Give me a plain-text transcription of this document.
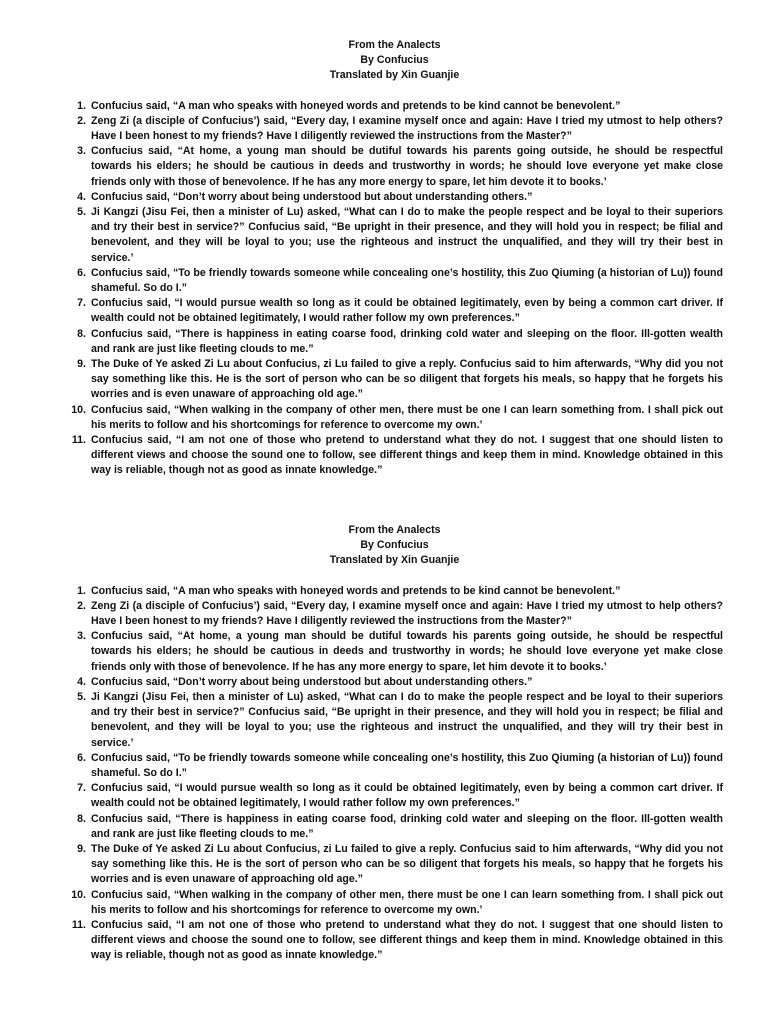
From the Analects
By Confucius
Translated by Xin Guanjie
1. Confucius said, “A man who speaks with honeyed words and pretends to be kind cannot be benevolent.”
2. Zeng Zi (a disciple of Confucius’) said, “Every day, I examine myself once and again: Have I tried my utmost to help others? Have I been honest to my friends? Have I diligently reviewed the instructions from the Master?”
3. Confucius said, “At home, a young man should be dutiful towards his parents going outside, he should be respectful towards his elders; he should be cautious in deeds and trustworthy in words; he should love everyone yet make close friends only with those of benevolence. If he has any more energy to spare, let him devote it to books.’
4. Confucius said, “Don’t worry about being understood but about understanding others.”
5. Ji Kangzi (Jisu Fei, then a minister of Lu) asked, “What can I do to make the people respect and be loyal to their superiors and try their best in service?” Confucius said, “Be upright in their presence, and they will hold you in respect; be filial and benevolent, and they will be loyal to you; use the righteous and instruct the unqualified, and they will try their best in service.’
6. Confucius said, “To be friendly towards someone while concealing one’s hostility, this Zuo Qiuming (a historian of Lu)) found shameful. So do I.”
7. Confucius said, “I would pursue wealth so long as it could be obtained legitimately, even by being a common cart driver. If wealth could not be obtained legitimately, I would rather follow my own preferences.”
8. Confucius said, “There is happiness in eating coarse food, drinking cold water and sleeping on the floor. Ill-gotten wealth and rank are just like fleeting clouds to me.”
9. The Duke of Ye asked Zi Lu about Confucius, zi Lu failed to give a reply. Confucius said to him afterwards, “Why did you not say something like this. He is the sort of person who can be so diligent that forgets his meals, so happy that he forgets his worries and is even unaware of approaching old age.”
10. Confucius said, “When walking in the company of other men, there must be one I can learn something from. I shall pick out his merits to follow and his shortcomings for reference to overcome my own.’
11. Confucius said, “I am not one of those who pretend to understand what they do not. I suggest that one should listen to different views and choose the sound one to follow, see different things and keep them in mind. Knowledge obtained in this way is reliable, though not as good as innate knowledge.”
From the Analects
By Confucius
Translated by Xin Guanjie
1. Confucius said, “A man who speaks with honeyed words and pretends to be kind cannot be benevolent.”
2. Zeng Zi (a disciple of Confucius’) said, “Every day, I examine myself once and again: Have I tried my utmost to help others? Have I been honest to my friends? Have I diligently reviewed the instructions from the Master?”
3. Confucius said, “At home, a young man should be dutiful towards his parents going outside, he should be respectful towards his elders; he should be cautious in deeds and trustworthy in words; he should love everyone yet make close friends only with those of benevolence. If he has any more energy to spare, let him devote it to books.’
4. Confucius said, “Don’t worry about being understood but about understanding others.”
5. Ji Kangzi (Jisu Fei, then a minister of Lu) asked, “What can I do to make the people respect and be loyal to their superiors and try their best in service?” Confucius said, “Be upright in their presence, and they will hold you in respect; be filial and benevolent, and they will be loyal to you; use the righteous and instruct the unqualified, and they will try their best in service.’
6. Confucius said, “To be friendly towards someone while concealing one’s hostility, this Zuo Qiuming (a historian of Lu)) found shameful. So do I.”
7. Confucius said, “I would pursue wealth so long as it could be obtained legitimately, even by being a common cart driver. If wealth could not be obtained legitimately, I would rather follow my own preferences.”
8. Confucius said, “There is happiness in eating coarse food, drinking cold water and sleeping on the floor. Ill-gotten wealth and rank are just like fleeting clouds to me.”
9. The Duke of Ye asked Zi Lu about Confucius, zi Lu failed to give a reply. Confucius said to him afterwards, “Why did you not say something like this. He is the sort of person who can be so diligent that forgets his meals, so happy that he forgets his worries and is even unaware of approaching old age.”
10. Confucius said, “When walking in the company of other men, there must be one I can learn something from. I shall pick out his merits to follow and his shortcomings for reference to overcome my own.’
11. Confucius said, “I am not one of those who pretend to understand what they do not. I suggest that one should listen to different views and choose the sound one to follow, see different things and keep them in mind. Knowledge obtained in this way is reliable, though not as good as innate knowledge.”
